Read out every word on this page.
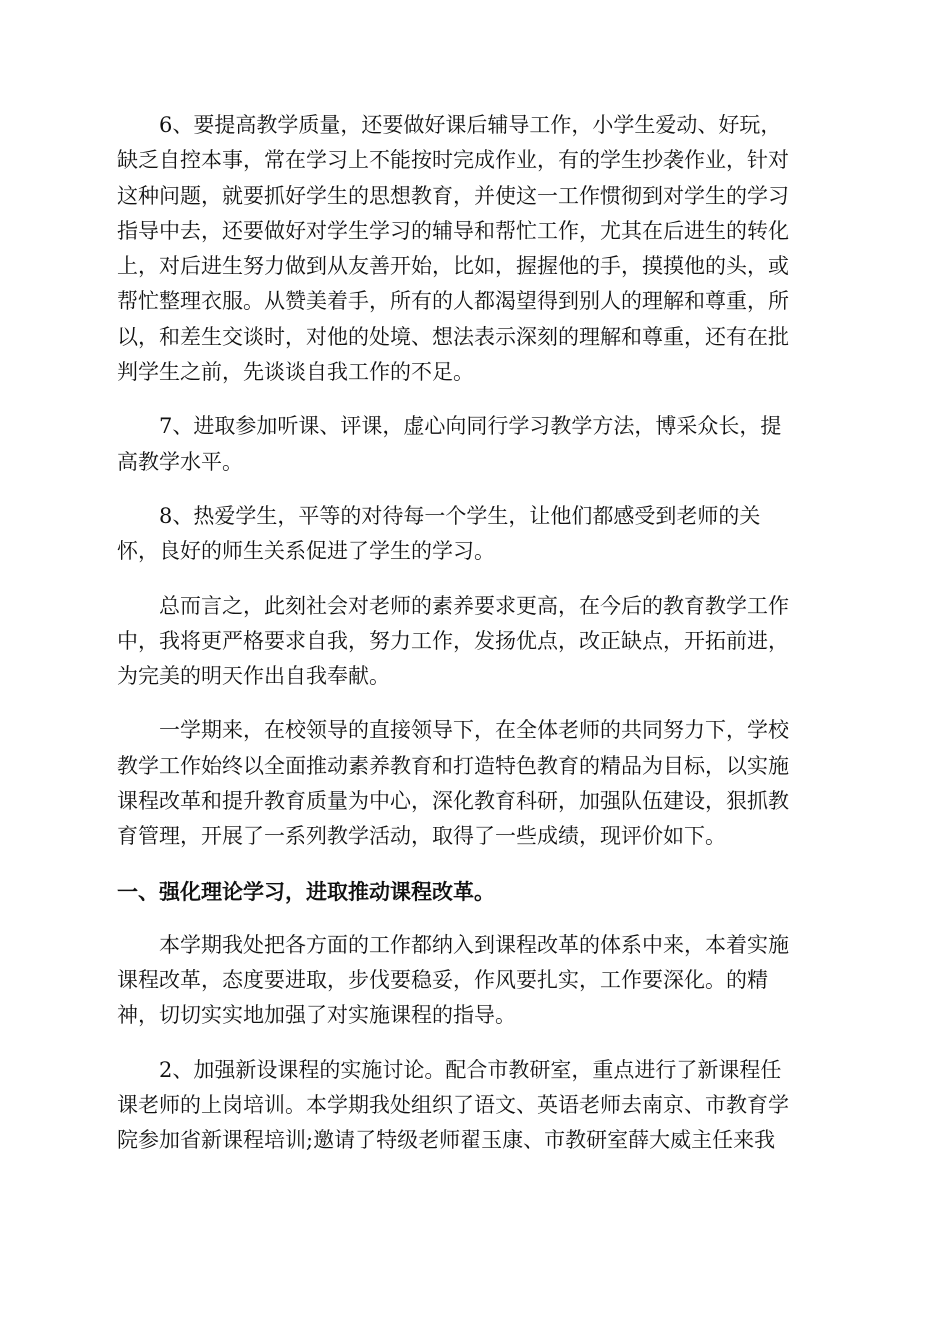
6、要提高教学质量，还要做好课后辅导工作，小学生爱动、好玩，
缺乏自控本事，常在学习上不能按时完成作业，有的学生抄袭作业，针对
这种问题，就要抓好学生的思想教育，并使这一工作惯彻到对学生的学习
指导中去，还要做好对学生学习的辅导和帮忙工作，尤其在后进生的转化
上，对后进生努力做到从友善开始，比如，握握他的手，摸摸他的头，或
帮忙整理衣服。从赞美着手，所有的人都渴望得到别人的理解和尊重，所
以，和差生交谈时，对他的处境、想法表示深刻的理解和尊重，还有在批
判学生之前，先谈谈自我工作的不足。

7、进取参加听课、评课，虚心向同行学习教学方法，博采众长，提
高教学水平。

8、热爱学生，平等的对待每一个学生，让他们都感受到老师的关
怀，良好的师生关系促进了学生的学习。

总而言之，此刻社会对老师的素养要求更高，在今后的教育教学工作
中，我将更严格要求自我，努力工作，发扬优点，改正缺点，开拓前进，
为完美的明天作出自我奉献。

一学期来，在校领导的直接领导下，在全体老师的共同努力下，学校
教学工作始终以全面推动素养教育和打造特色教育的精品为目标，以实施
课程改革和提升教育质量为中心，深化教育科研，加强队伍建设，狠抓教
育管理，开展了一系列教学活动，取得了一些成绩，现评价如下。

一、强化理论学习，进取推动课程改革。

本学期我处把各方面的工作都纳入到课程改革的体系中来，本着实施
课程改革，态度要进取，步伐要稳妥，作风要扎实，工作要深化。的精
神，切切实实地加强了对实施课程的指导。

2、加强新设课程的实施讨论。配合市教研室，重点进行了新课程任
课老师的上岗培训。本学期我处组织了语文、英语老师去南京、市教育学
院参加省新课程培训;邀请了特级老师翟玉康、市教研室薛大威主任来我
